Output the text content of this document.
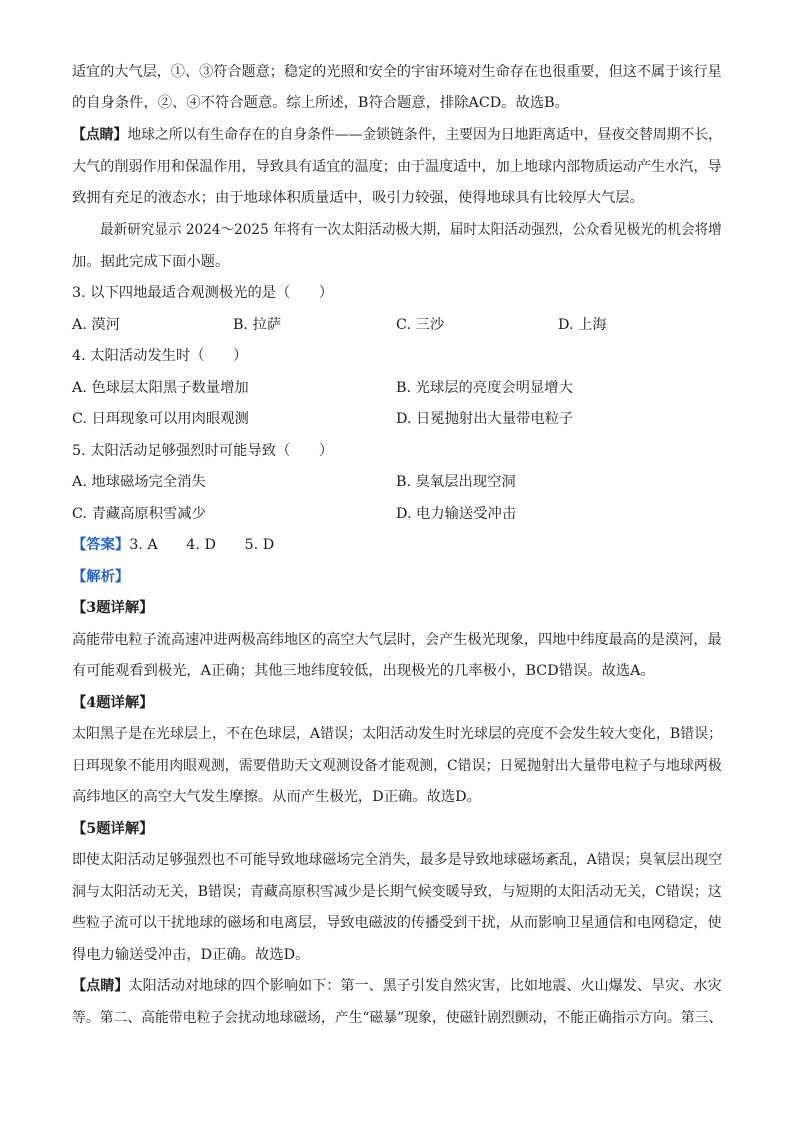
适宜的大气层，①、③符合题意；稳定的光照和安全的宇宙环境对生命存在也很重要，但这不属于该行星
的自身条件，②、④不符合题意。综上所述，B符合题意，排除ACD。故选B。
【点睛】地球之所以有生命存在的自身条件——金锁链条件，主要因为日地距离适中，昼夜交替周期不长，
大气的削弱作用和保温作用，导致具有适宜的温度；由于温度适中，加上地球内部物质运动产生水汽，导
致拥有充足的液态水；由于地球体积质量适中，吸引力较强，使得地球具有比较厚大气层。
最新研究显示 2024～2025 年将有一次太阳活动极大期，届时太阳活动强烈，公众看见极光的机会将增
加。据此完成下面小题。
3. 以下四地最适合观测极光的是（　　）
A. 漠河	B. 拉萨	C. 三沙	D. 上海
4. 太阳活动发生时（　　）
A. 色球层太阳黑子数量增加	B. 光球层的亮度会明显增大
C. 日珥现象可以用肉眼观测	D. 日冕抛射出大量带电粒子
5. 太阳活动足够强烈时可能导致（　　）
A. 地球磁场完全消失	B. 臭氧层出现空洞
C. 青藏高原积雪减少	D. 电力输送受冲击
【答案】3. A　　4. D　　5. D
【解析】
【3题详解】
高能带电粒子流高速冲进两极高纬地区的高空大气层时，会产生极光现象，四地中纬度最高的是漠河，最
有可能观看到极光，A正确；其他三地纬度较低，出现极光的几率极小，BCD错误。故选A。
【4题详解】
太阳黑子是在光球层上，不在色球层，A错误；太阳活动发生时光球层的亮度不会发生较大变化，B错误；
日珥现象不能用肉眼观测，需要借助天文观测设备才能观测，C错误；日冕抛射出大量带电粒子与地球两极
高纬地区的高空大气发生摩擦。从而产生极光，D正确。故选D。
【5题详解】
即使太阳活动足够强烈也不可能导致地球磁场完全消失，最多是导致地球磁场紊乱，A错误；臭氧层出现空
洞与太阳活动无关，B错误；青藏高原积雪减少是长期气候变暖导致，与短期的太阳活动无关，C错误；这
些粒子流可以干扰地球的磁场和电离层，导致电磁波的传播受到干扰，从而影响卫星通信和电网稳定，使
得电力输送受冲击，D正确。故选D。
【点睛】太阳活动对地球的四个影响如下：第一、黑子引发自然灾害，比如地震、火山爆发、旱灾、水灾
等。第二、高能带电粒子会扰动地球磁场，产生“磁暴”现象，使磁针剧烈颤动，不能正确指示方向。第三、
